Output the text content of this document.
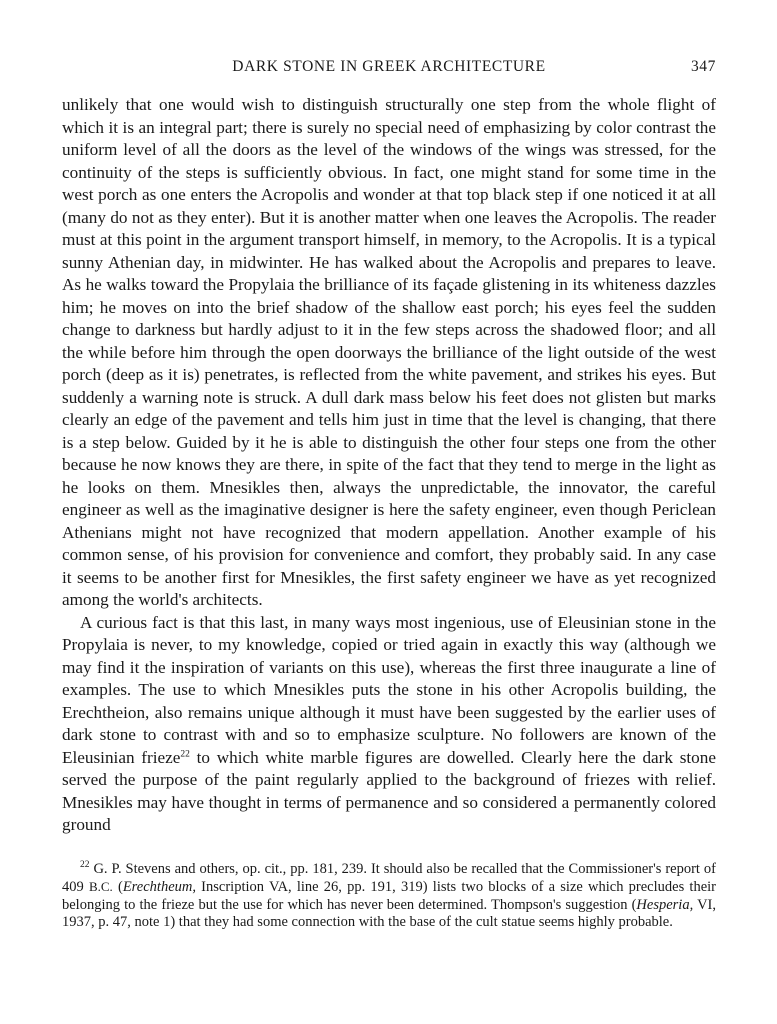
DARK STONE IN GREEK ARCHITECTURE	347

unlikely that one would wish to distinguish structurally one step from the whole flight of which it is an integral part; there is surely no special need of emphasizing by color contrast the uniform level of all the doors as the level of the windows of the wings was stressed, for the continuity of the steps is sufficiently obvious. In fact, one might stand for some time in the west porch as one enters the Acropolis and wonder at that top black step if one noticed it at all (many do not as they enter). But it is another matter when one leaves the Acropolis. The reader must at this point in the argument transport himself, in memory, to the Acropolis. It is a typical sunny Athenian day, in midwinter. He has walked about the Acropolis and prepares to leave. As he walks toward the Propylaia the brilliance of its façade glistening in its whiteness dazzles him; he moves on into the brief shadow of the shallow east porch; his eyes feel the sudden change to darkness but hardly adjust to it in the few steps across the shadowed floor; and all the while before him through the open doorways the brilliance of the light outside of the west porch (deep as it is) penetrates, is reflected from the white pavement, and strikes his eyes. But suddenly a warning note is struck. A dull dark mass below his feet does not glisten but marks clearly an edge of the pavement and tells him just in time that the level is changing, that there is a step below. Guided by it he is able to distinguish the other four steps one from the other because he now knows they are there, in spite of the fact that they tend to merge in the light as he looks on them. Mnesikles then, always the unpredictable, the innovator, the careful engineer as well as the imaginative designer is here the safety engineer, even though Periclean Athenians might not have recognized that modern appellation. Another example of his common sense, of his provision for convenience and comfort, they probably said. In any case it seems to be another first for Mnesikles, the first safety engineer we have as yet recognized among the world's architects.

A curious fact is that this last, in many ways most ingenious, use of Eleusinian stone in the Propylaia is never, to my knowledge, copied or tried again in exactly this way (although we may find it the inspiration of variants on this use), whereas the first three inaugurate a line of examples. The use to which Mnesikles puts the stone in his other Acropolis building, the Erechtheion, also remains unique although it must have been suggested by the earlier uses of dark stone to contrast with and so to emphasize sculpture. No followers are known of the Eleusinian frieze$^{22}$ to which white marble figures are dowelled. Clearly here the dark stone served the purpose of the paint regularly applied to the background of friezes with relief. Mnesikles may have thought in terms of permanence and so considered a permanently colored ground

$^{22}$ G. P. Stevens and others, op. cit., pp. 181, 239. It should also be recalled that the Commissioner's report of 409 B.C. (Erechtheum, Inscription VA, line 26, pp. 191, 319) lists two blocks of a size which precludes their belonging to the frieze but the use for which has never been determined. Thompson's suggestion (Hesperia, VI, 1937, p. 47, note 1) that they had some connection with the base of the cult statue seems highly probable.
